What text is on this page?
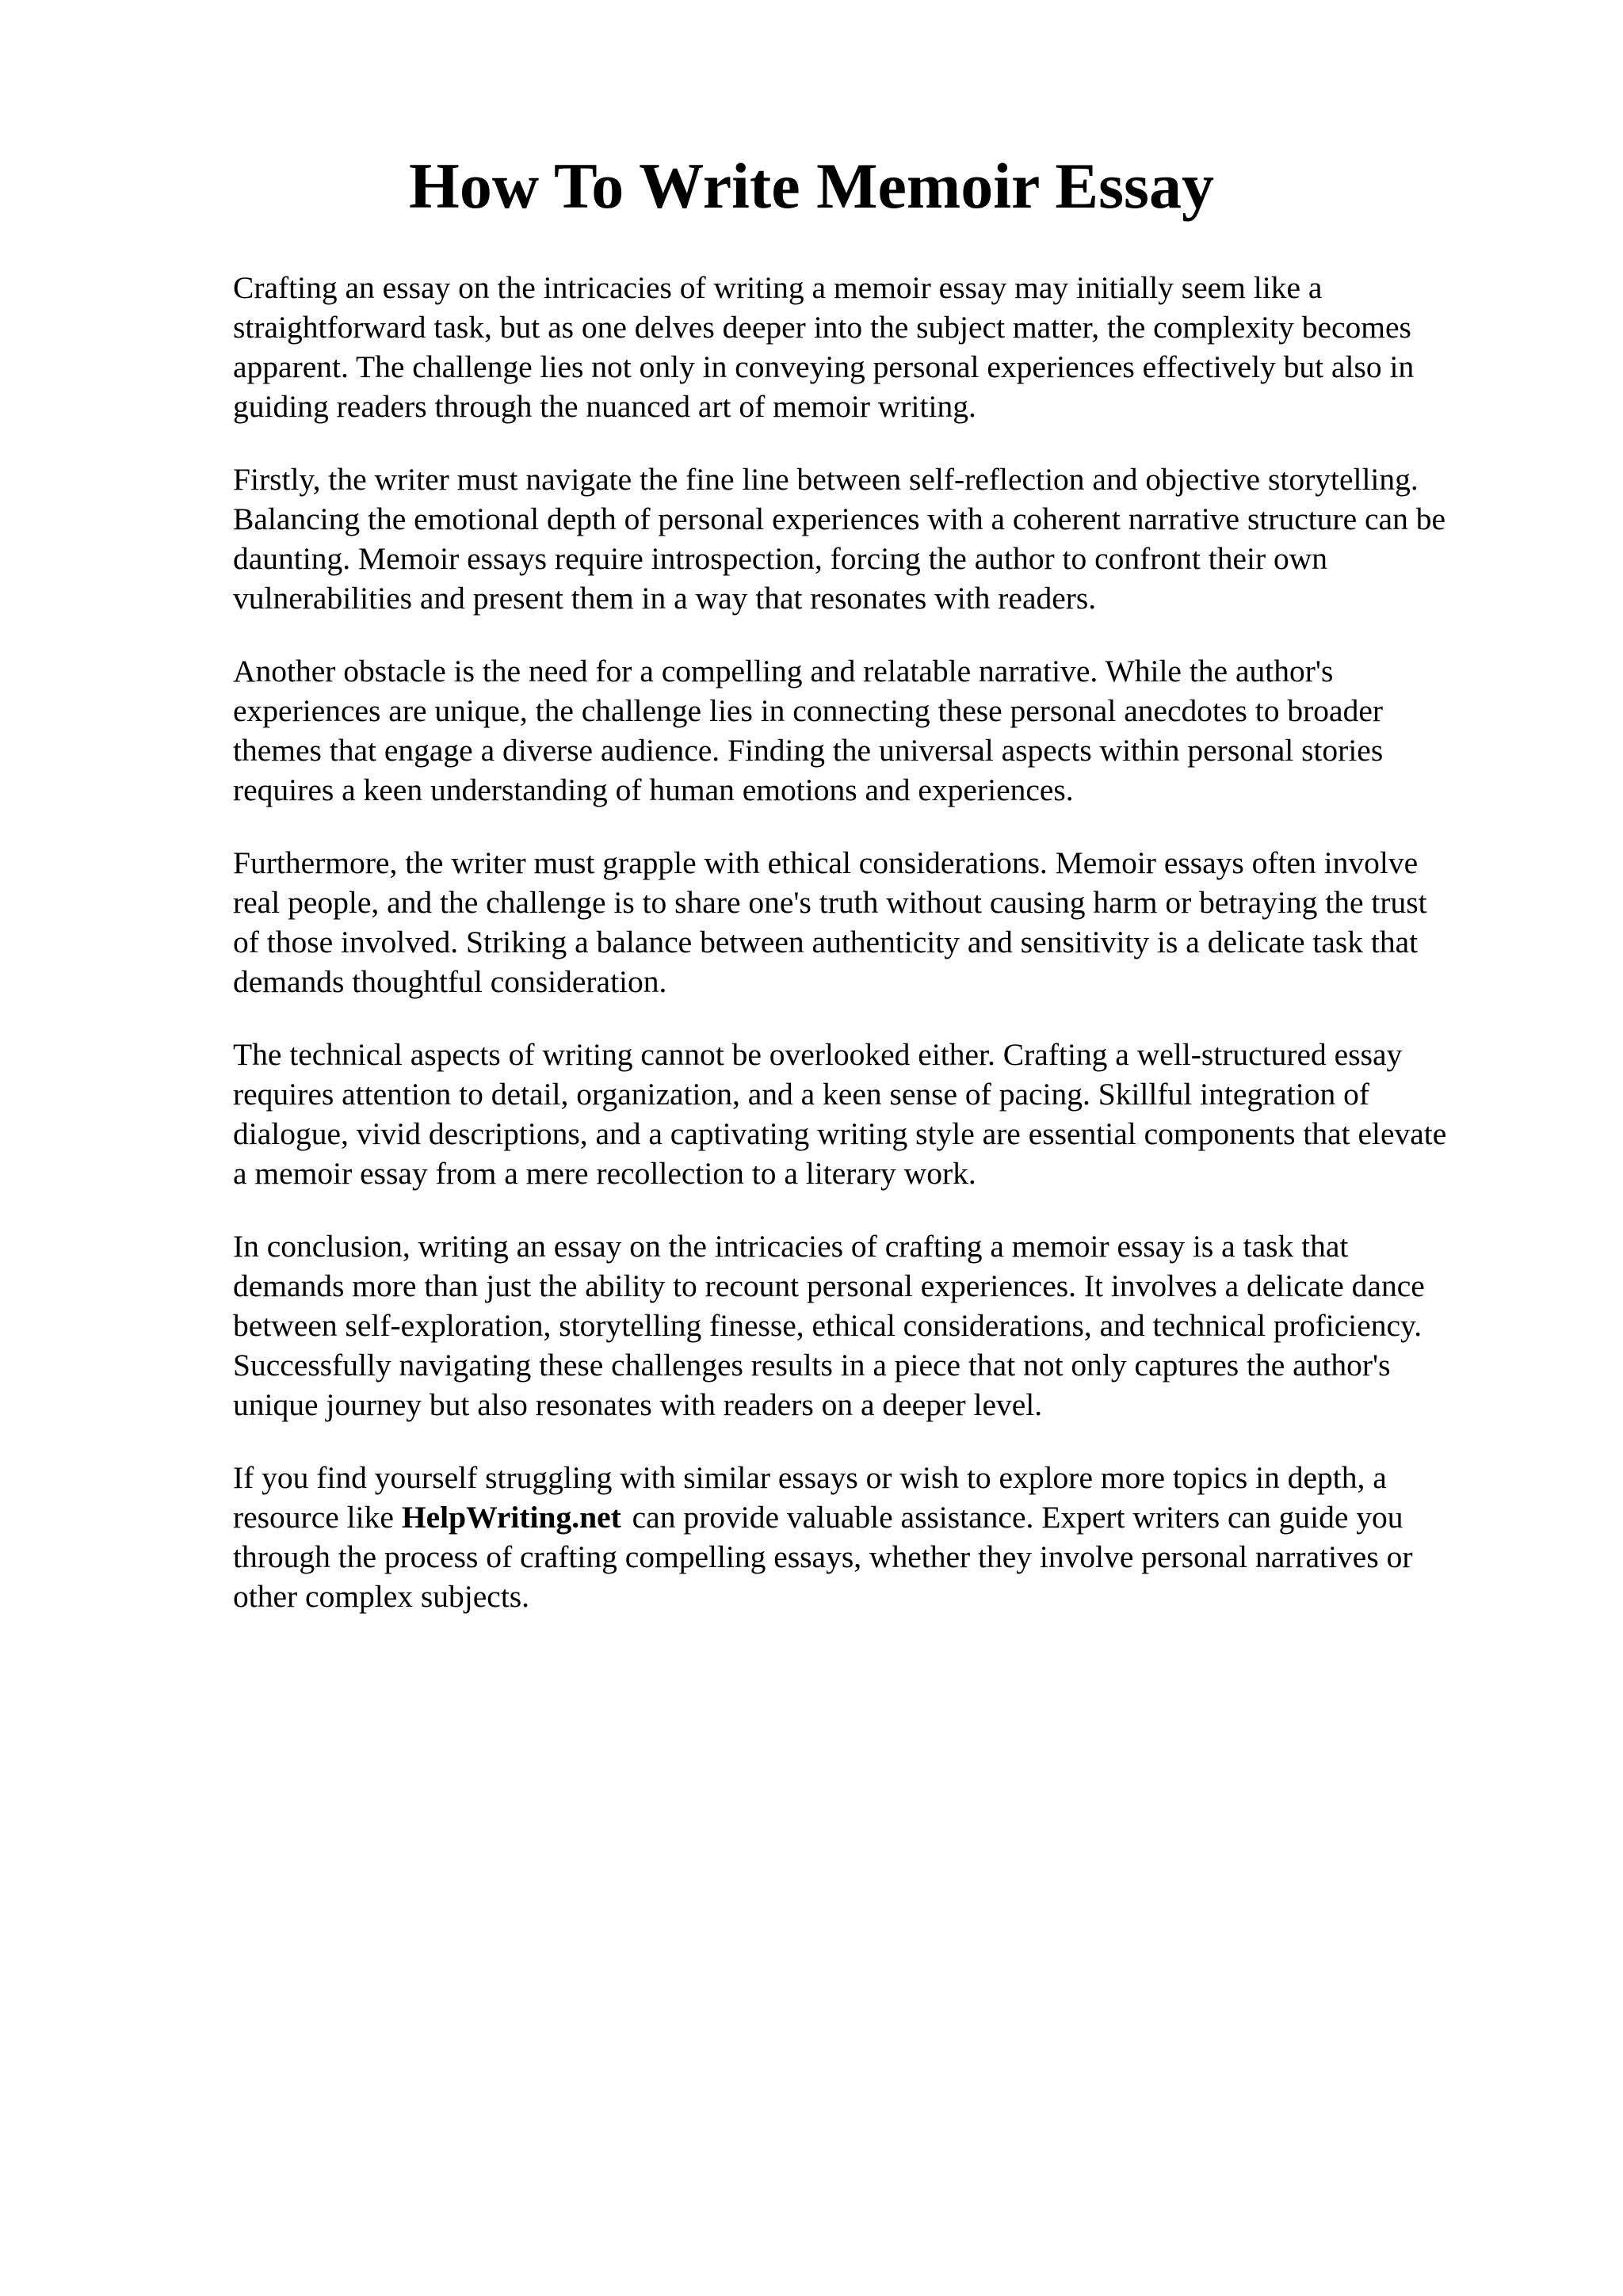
How To Write Memoir Essay

Crafting an essay on the intricacies of writing a memoir essay may initially seem like a
straightforward task, but as one delves deeper into the subject matter, the complexity becomes
apparent. The challenge lies not only in conveying personal experiences effectively but also in
guiding readers through the nuanced art of memoir writing.

Firstly, the writer must navigate the fine line between self-reflection and objective storytelling.
Balancing the emotional depth of personal experiences with a coherent narrative structure can be
daunting. Memoir essays require introspection, forcing the author to confront their own
vulnerabilities and present them in a way that resonates with readers.

Another obstacle is the need for a compelling and relatable narrative. While the author's
experiences are unique, the challenge lies in connecting these personal anecdotes to broader
themes that engage a diverse audience. Finding the universal aspects within personal stories
requires a keen understanding of human emotions and experiences.

Furthermore, the writer must grapple with ethical considerations. Memoir essays often involve
real people, and the challenge is to share one's truth without causing harm or betraying the trust
of those involved. Striking a balance between authenticity and sensitivity is a delicate task that
demands thoughtful consideration.

The technical aspects of writing cannot be overlooked either. Crafting a well-structured essay
requires attention to detail, organization, and a keen sense of pacing. Skillful integration of
dialogue, vivid descriptions, and a captivating writing style are essential components that elevate
a memoir essay from a mere recollection to a literary work.

In conclusion, writing an essay on the intricacies of crafting a memoir essay is a task that
demands more than just the ability to recount personal experiences. It involves a delicate dance
between self-exploration, storytelling finesse, ethical considerations, and technical proficiency.
Successfully navigating these challenges results in a piece that not only captures the author's
unique journey but also resonates with readers on a deeper level.

If you find yourself struggling with similar essays or wish to explore more topics in depth, a
resource like HelpWriting.net can provide valuable assistance. Expert writers can guide you
through the process of crafting compelling essays, whether they involve personal narratives or
other complex subjects.
